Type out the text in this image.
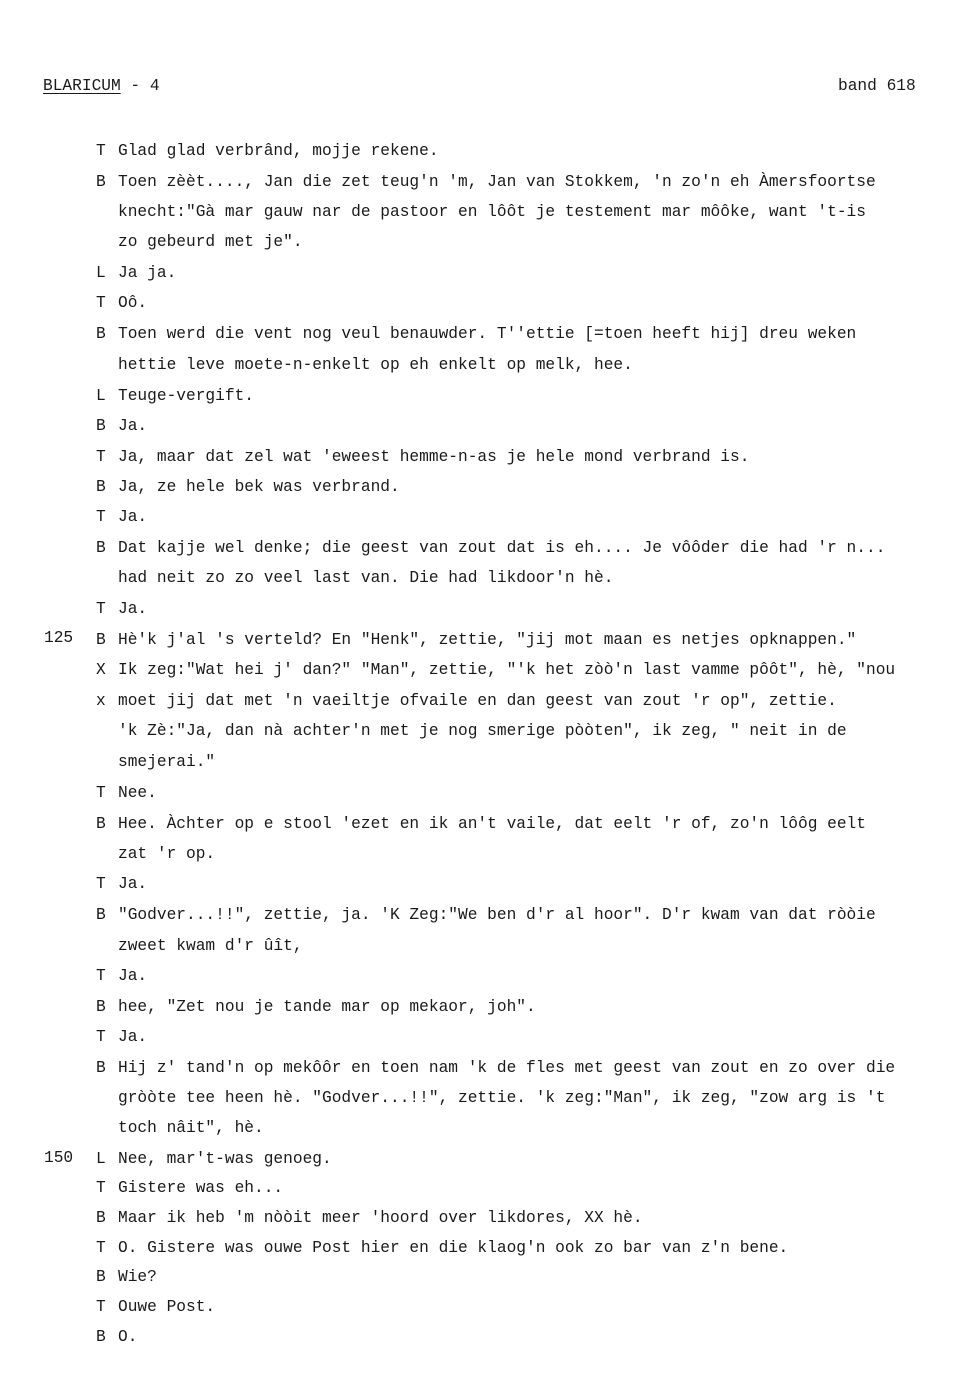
BLARICUM - 4	band 618
125
150
T Glad glad verbrând, mojje rekene.
B Toen zèèt...., Jan die zet teug'n 'm, Jan van Stokkem, 'n zo'n eh Àmersfoortse
knecht:"Gà mar gauw nar de pastoor en lôôt je testement mar môôke, want 't-is
zo gebeurd met je".
L Ja ja.
T Oô.
B Toen werd die vent nog veul benauwder. T''ettie [=toen heeft hij] dreu weken
hettie leve moete-n-enkelt op eh enkelt op melk, hee.
L Teuge-vergift.
B Ja.
T Ja, maar dat zel wat 'eweest hemme-n-as je hele mond verbrand is.
B Ja, ze hele bek was verbrand.
T Ja.
B Dat kajje wel denke; die geest van zout dat is eh.... Je vôôder die had 'r n...
had neit zo zo veel last van. Die had likdoor'n hè.
T Ja.
B Hè'k j'al 's verteld? En "Henk", zettie, "jij mot maan es netjes opknappen."
X Ik zeg:"Wat hei j' dan?" "Man", zettie, "'k het zòò'n last vamme pôôt", hè, "nou
x moet jij dat met 'n vaeiltje ofvaile en dan geest van zout 'r op", zettie.
'k Zè:"Ja, dan nà achter'n met je nog smerige pòòten", ik zeg, " neit in de
smejerai."
T Nee.
B Hee. Àchter op e stool 'ezet en ik an't vaile, dat eelt 'r of, zo'n lôôg eelt
zat 'r op.
T Ja.
B "Godver...!!", zettie, ja. 'K Zeg:"We ben d'r al hoor". D'r kwam van dat ròòie
zweet kwam d'r ûît,
T Ja.
B hee, "Zet nou je tande mar op mekaor, joh".
T Ja.
B Hij z' tand'n op mekôôr en toen nam 'k de fles met geest van zout en zo over die
gròòte tee heen hè. "Godver...!!", zettie. 'k zeg:"Man", ik zeg, "zow arg is 't
toch nâit", hè.
L Nee, mar't-was genoeg.
T Gistere was eh...
B Maar ik heb 'm nòòit meer 'hoord over likdores, XX hè.
T O. Gistere was ouwe Post hier en die klaog'n ook zo bar van z'n bene.
B Wie?
T Ouwe Post.
B O.
